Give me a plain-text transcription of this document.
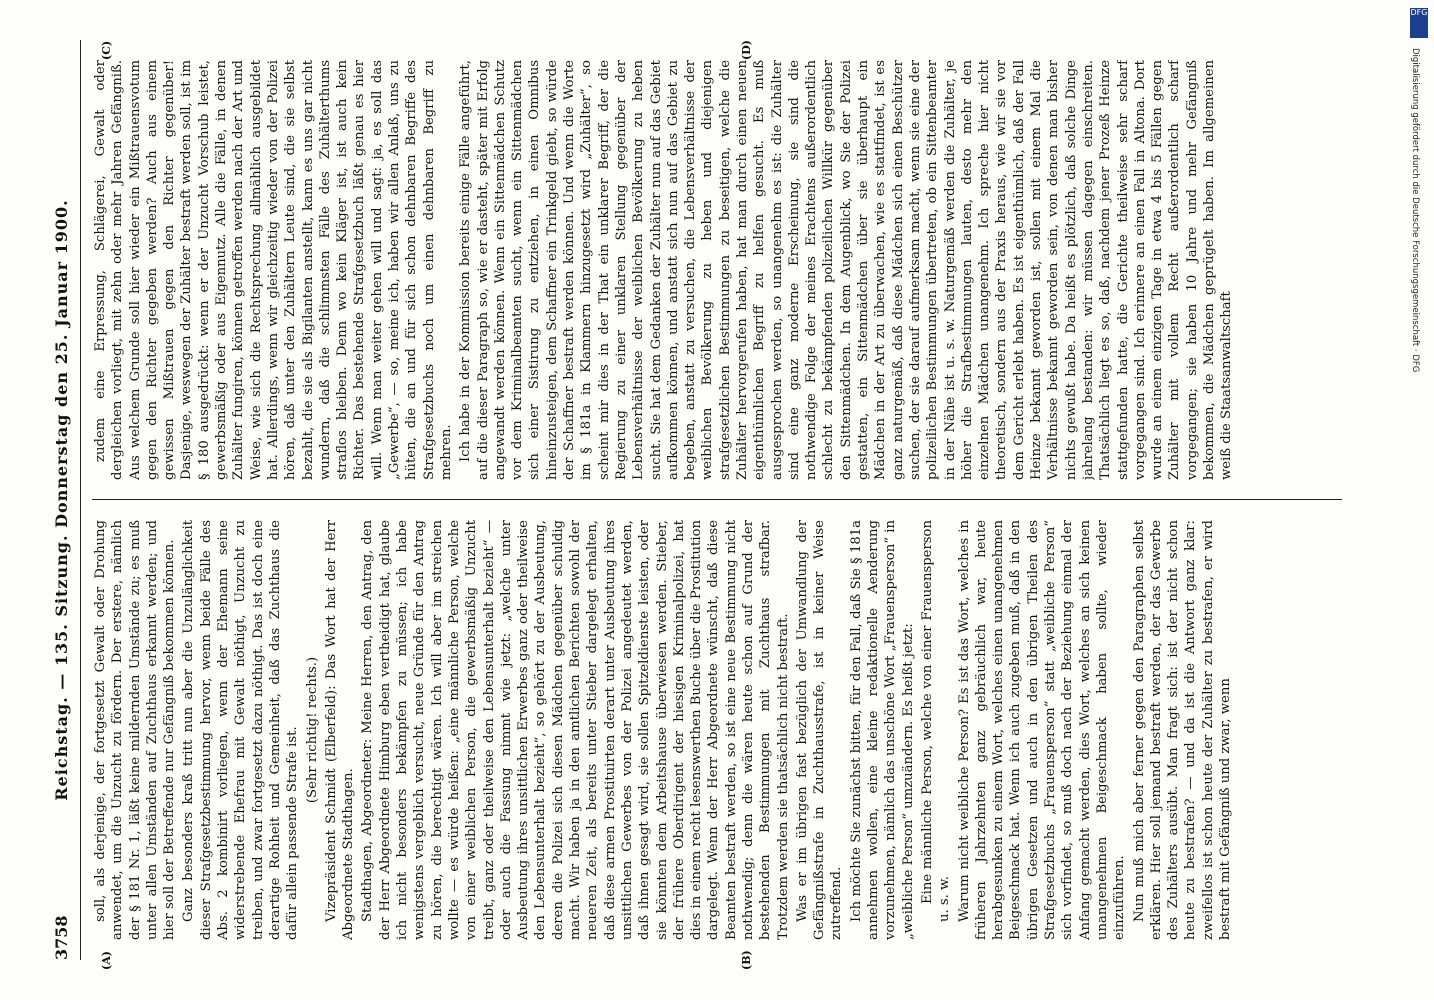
3758
Reichstag. — 135. Sitzung. Donnerstag den 25. Januar 1900.
(A)	(B)
(C)	(D)

soll, als derjenige, der fortgesetzt Gewalt oder Drohung anwendet, um die Unzucht zu fördern. Der erstere, nämlich der § 181 Nr. 1, läßt keine mildernden Umstände zu; es muß unter allen Umständen auf Zuchthaus erkannt werden; und hier soll der Betreffende nur Gefängniß bekommen können. Ganz besonders kraß tritt nun aber die Unzulänglichkeit dieser Strafgesetzbestimmung hervor, wenn beide Fälle des Abs. 2 kombinirt vorliegen, wenn der Ehemann seine widerstrebende Ehefrau mit Gewalt nöthigt, Unzucht zu treiben, und zwar fortgesetzt dazu nöthigt. Das ist doch eine derartige Rohheit und Gemeinheit, daß das Zuchthaus die dafür allein passende Strafe ist. (Sehr richtig! rechts.) Vizepräsident Schmidt (Elberfeld): Das Wort hat der Herr Abgeordnete Stadthagen. Stadthagen, Abgeordneter: Meine Herren, den Antrag, den der Herr Abgeordnete Himburg eben vertheidigt hat, glaube ich nicht besonders bekämpfen zu müssen; ich habe wenigstens vergeblich versucht, neue Gründe für den Antrag zu hören, die berechtigt wären. Ich will aber im streichen wollte — es würde heißen: „eine männliche Person, welche von einer weiblichen Person, die gewerbsmäßig Unzucht treibt, ganz oder theilweise den Lebensunterhalt bezieht“ — oder auch die Fassung nimmt wie jetzt: „welche unter Ausbeutung ihres unsittlichen Erwerbes ganz oder theilweise den Lebensunterhalt bezieht“, so gehört zu der Ausbeutung, deren die Polizei sich diesen Mädchen gegenüber schuldig macht. Wir haben ja in den amtlichen Berichten sowohl der neueren Zeit, als bereits unter Stieber dargelegt erhalten, daß diese armen Prostituirten derart unter Ausbeutung ihres unsittlichen Gewerbes von der Polizei angedeutet werden, daß ihnen gesagt wird, sie sollen Spitzeldienste leisten, oder sie könnten dem Arbeitshause überwiesen werden. Stieber, der frühere Oberdirigent der hiesigen Kriminalpolizei, hat dies in einem recht lesenswerthen Buche über die Prostitution dargelegt. Wenn der Herr Abgeordnete wünscht, daß diese Beamten bestraft werden, so ist eine neue Bestimmung nicht nothwendig; denn die wären heute schon auf Grund der bestehenden Bestimmungen mit Zuchthaus strafbar. Trotzdem werden sie thatsächlich nicht bestraft. Was er im übrigen fast bezüglich der Umwandlung der Gefängnißstrafe in Zuchthausstrafe, ist in keiner Weise zutreffend. Ich möchte Sie zunächst bitten, für den Fall, daß Sie § 181a annehmen wollen, eine kleine redaktionelle Aenderung vorzunehmen, nämlich das unschöne Wort „Frauensperson“ in „weibliche Person“ umzuändern. Es heißt jetzt: Eine männliche Person, welche von einer Frauensperson u. s. w. Warum nicht weibliche Person? Es ist das Wort, welches in früheren Jahrzehnten ganz gebräuchlich war, heute herabgesunken zu einem Wort, welches einen unangenehmen Beigeschmack hat. Wenn ich auch zugeben muß, daß in den übrigen Gesetzen und auch in den übrigen Theilen des Strafgesetzbuchs „Frauensperson“ statt „weibliche Person“ sich vorfindet, so muß doch nach der Beziehung einmal der Anfang gemacht werden, dies Wort, welches an sich keinen unangenehmen Beigeschmack haben sollte, wieder einzuführen. Nun muß mich aber ferner gegen den Paragraphen selbst erklären. Hier soll jemand bestraft werden, der das Gewerbe des Zuhälters ausübt. Man fragt sich: ist der nicht schon heute zu bestrafen? — und da ist die Antwort ganz klar: zweifellos ist schon heute der Zuhälter zu bestrafen, er wird bestraft mit Gefängniß und zwar, wenn

zudem eine Erpressung, Schlägerei, Gewalt oder dergleichen vorliegt, mit zehn oder mehr Jahren Gefängniß. Aus welchem Grunde soll hier wieder ein Mißtrauensvotum gegen den Richter gegeben werden? Auch aus einem gewissen Mißtrauen gegen den Richter gegenüber! Dasjenige, weswegen der Zuhälter bestraft werden soll, ist im § 180 ausgedrückt: wenn er der Unzucht Vorschub leistet, gewerbsmäßig oder aus Eigennutz. Alle die Fälle, in denen Zuhälter fungiren, können getroffen werden nach der Art und Weise, wie sich die Rechtsprechung allmählich ausgebildet hat. Allerdings, wenn wir gleichzeitig wieder von der Polizei hören, daß unter den Zuhältern Leute sind, die sie selbst bezahlt, die sie als Bigilanten anstellt, kann es uns gar nicht wundern, daß die schlimmsten Fälle des Zuhälterthums straflos bleiben. Denn wo kein Kläger ist, ist auch kein Richter. Das bestehende Strafgesetzbuch läßt genau es hier will. Wenn man weiter gehen will und sagt: ja, es soll das „Gewerbe“, — so, meine ich, haben wir allen Anlaß, uns zu hüten, die an und für sich schon dehnbaren Begriffe des Strafgesetzbuchs noch um einen dehnbaren Begriff zu mehren. Ich habe in der Kommission bereits einige Fälle angeführt, auf die dieser Paragraph so, wie er dasteht, später mit Erfolg angewandt werden können. Wenn ein Sittenmädchen Schutz vor dem Kriminalbeamten sucht, wenn ein Sittenmädchen sich einer Sistirung zu entziehen, in einen Omnibus hineinzusteigen, dem Schaffner ein Trinkgeld giebt, so würde der Schaffner bestraft werden können. Und wenn die Worte im § 181a in Klammern hinzugesetzt wird „Zuhälter“, so scheint mir dies in der That ein unklarer Begriff, der die Regierung zu einer unklaren Stellung gegenüber der Lebensverhältnisse der weiblichen Bevölkerung zu heben sucht. Sie hat dem Gedanken der Zuhälter nun auf das Gebiet aufkommen können, und anstatt sich nun auf das Gebiet zu begeben, anstatt zu versuchen, die Lebensverhältnisse der weiblichen Bevölkerung zu heben und diejenigen strafgesetzlichen Bestimmungen zu beseitigen, welche die Zuhälter hervorgerufen haben, hat man durch einen neuen eigenthümlichen Begriff zu helfen gesucht. Es muß ausgesprochen werden, so unangenehm es ist: die Zuhälter sind eine ganz moderne Erscheinung, sie sind die nothwendige Folge der meines Erachtens außerordentlich schlecht zu bekämpfenden polizeilichen Willkür gegenüber den Sittenmädchen. In dem Augenblick, wo Sie der Polizei gestatten, ein Sittenmädchen über sie überhaupt ein Mädchen in der Art zu überwachen, wie es stattfindet, ist es ganz naturgemäß, daß diese Mädchen sich einen Beschützer suchen, der sie darauf aufmerksam macht, wenn sie eine der polizeilichen Bestimmungen übertreten, ob ein Sittenbeamter in der Nähe ist u. s. w. Naturgemäß werden die Zuhälter, je höher die Strafbestimmungen lauten, desto mehr den einzelnen Mädchen unangenehm. Ich spreche hier nicht theoretisch, sondern aus der Praxis heraus, wie wir sie vor dem Gericht erlebt haben. Es ist eigenthümlich, daß der Fall Heinze bekannt geworden ist, sollen mit einem Mal die Verhältnisse bekannt geworden sein, von denen man bisher nichts gewußt habe. Da heißt es plötzlich, daß solche Dinge jahrelang bestanden: wir müssen dagegen einschreiten. Thatsächlich liegt es so, daß, nachdem jener Prozeß Heinze stattgefunden hatte, die Gerichte theilweise sehr scharf vorgegangen sind. Ich erinnere an einen Fall in Altona. Dort wurde an einem einzigen Tage in etwa 4 bis 5 Fällen gegen Zuhälter mit vollem Recht außerordentlich scharf vorgegangen; sie haben 10 Jahre und mehr Gefängniß bekommen, die Mädchen geprügelt haben. Im allgemeinen weiß die Staatsanwaltschaft

DFG
Digitalisierung gefördert durch die Deutsche Forschungsgemeinschaft · DFG
